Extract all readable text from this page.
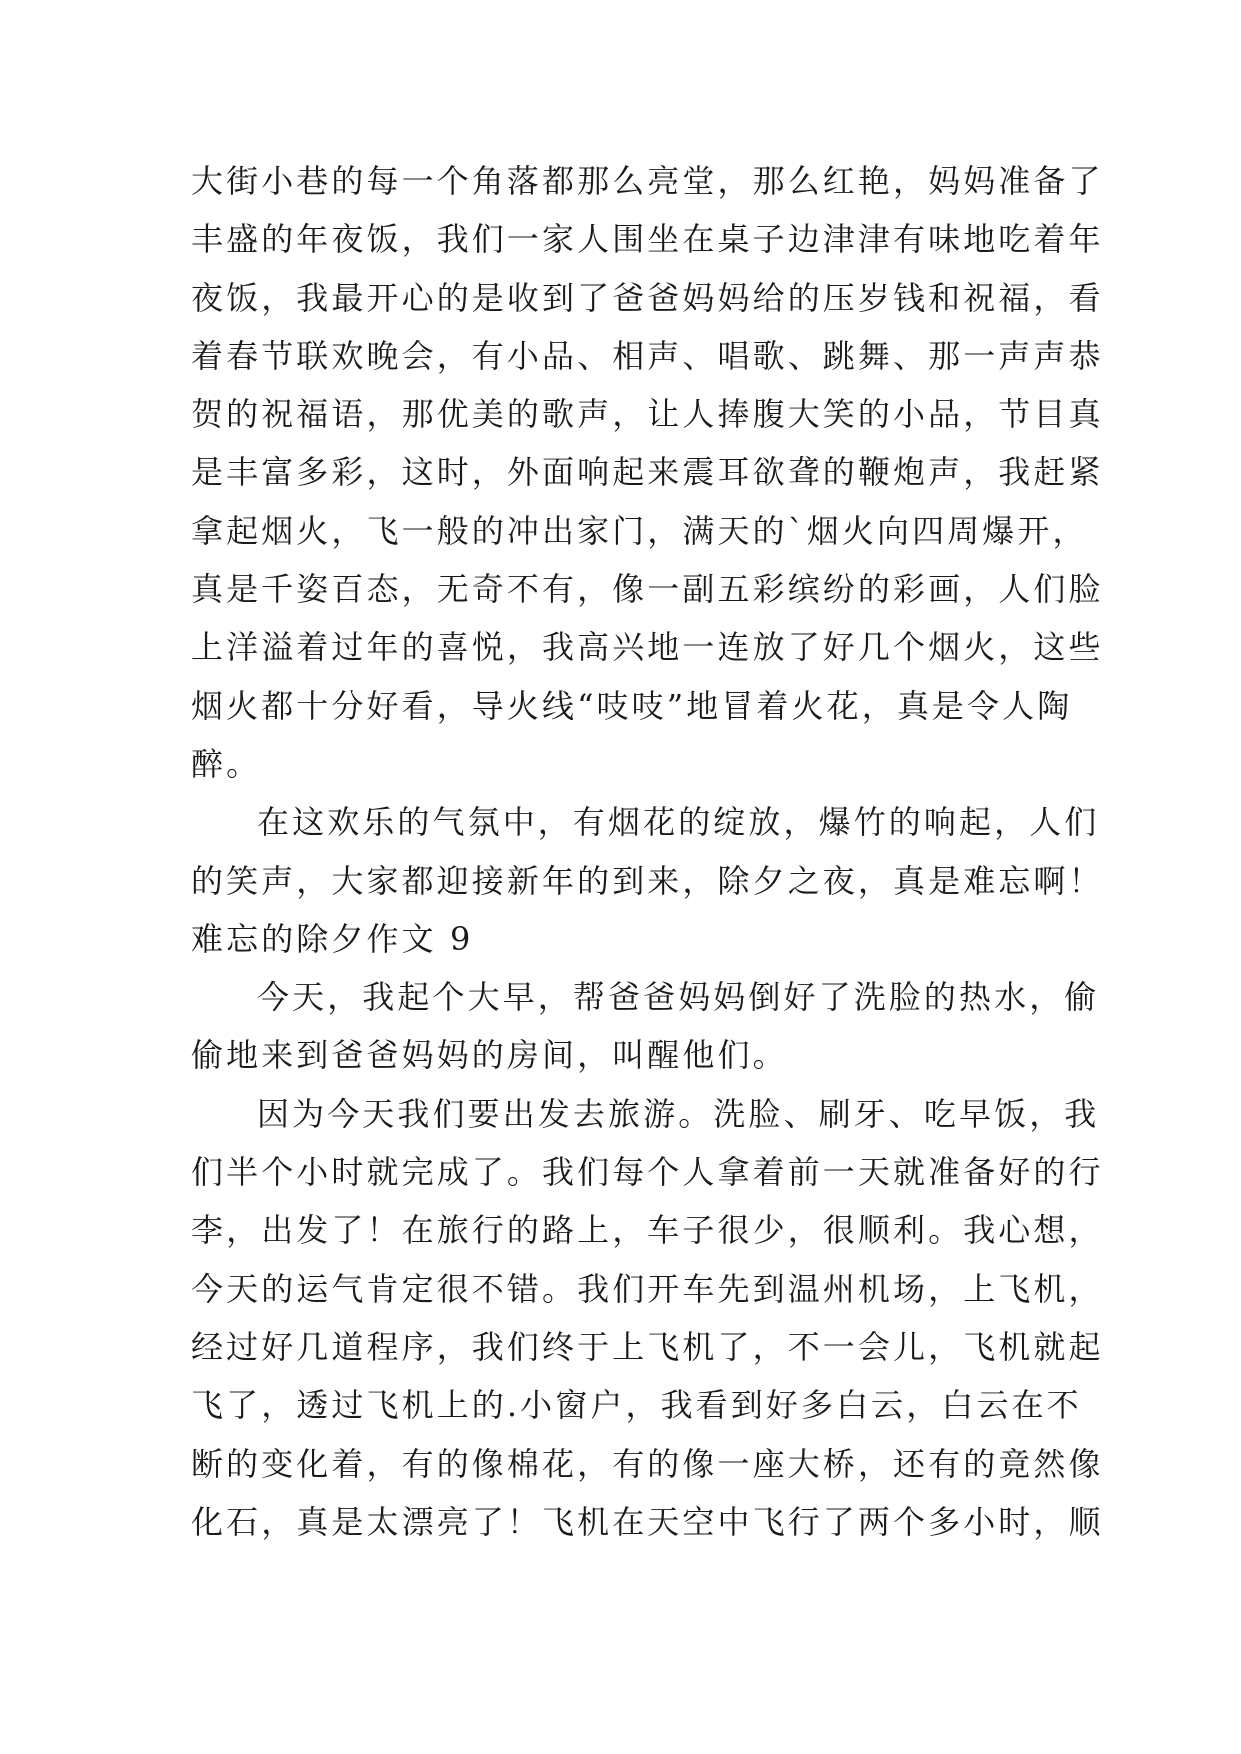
大街小巷的每一个角落都那么亮堂，那么红艳，妈妈准备了
丰盛的年夜饭，我们一家人围坐在桌子边津津有味地吃着年
夜饭，我最开心的是收到了爸爸妈妈给的压岁钱和祝福，看
着春节联欢晚会，有小品、相声、唱歌、跳舞、那一声声恭
贺的祝福语，那优美的歌声，让人捧腹大笑的小品，节目真
是丰富多彩，这时，外面响起来震耳欲聋的鞭炮声，我赶紧
拿起烟火，飞一般的冲出家门，满天的`烟火向四周爆开，
真是千姿百态，无奇不有，像一副五彩缤纷的彩画，人们脸
上洋溢着过年的喜悦，我高兴地一连放了好几个烟火，这些
烟火都十分好看，导火线“吱吱”地冒着火花，真是令人陶
醉。
在这欢乐的气氛中，有烟花的绽放，爆竹的响起，人们
的笑声，大家都迎接新年的到来，除夕之夜，真是难忘啊！
难忘的除夕作文 9
今天，我起个大早，帮爸爸妈妈倒好了洗脸的热水，偷
偷地来到爸爸妈妈的房间，叫醒他们。
因为今天我们要出发去旅游。洗脸、刷牙、吃早饭，我
们半个小时就完成了。我们每个人拿着前一天就准备好的行
李，出发了！在旅行的路上，车子很少，很顺利。我心想，
今天的运气肯定很不错。我们开车先到温州机场，上飞机，
经过好几道程序，我们终于上飞机了，不一会儿，飞机就起
飞了，透过飞机上的.小窗户，我看到好多白云，白云在不
断的变化着，有的像棉花，有的像一座大桥，还有的竟然像
化石，真是太漂亮了！飞机在天空中飞行了两个多小时，顺
